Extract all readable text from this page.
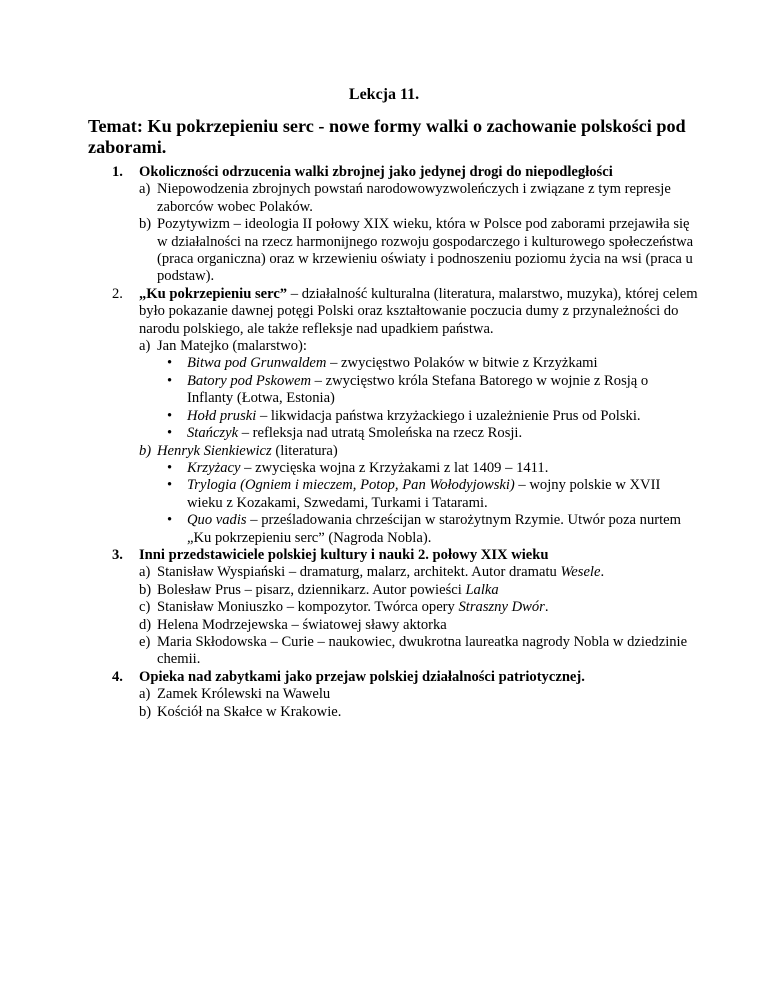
Lekcja 11.
Temat: Ku pokrzepieniu serc - nowe formy walki o zachowanie polskości pod zaborami.
1. Okoliczności odrzucenia walki zbrojnej jako jedynej drogi do niepodległości
a) Niepowodzenia zbrojnych powstań narodowowyzwoleńczych i związane z tym represje zaborców wobec Polaków.
b) Pozytywizm – ideologia II połowy XIX wieku, która w Polsce pod zaborami przejawiła się w działalności na rzecz harmonijnego rozwoju gospodarczego i kulturowego społeczeństwa (praca organiczna) oraz w krzewieniu oświaty i podnoszeniu poziomu życia na wsi (praca u podstaw).
2. „Ku pokrzepieniu serc” – działalność kulturalna (literatura, malarstwo, muzyka), której celem było pokazanie dawnej potęgi Polski oraz kształtowanie poczucia dumy z przynależności do narodu polskiego, ale także refleksje nad upadkiem państwa.
a) Jan Matejko (malarstwo):
• Bitwa pod Grunwaldem – zwycięstwo Polaków w bitwie z Krzyżkami
• Batory pod Pskowem – zwycięstwo króla Stefana Batorego w wojnie z Rosją o Inflanty (Łotwa, Estonia)
• Hołd pruski – likwidacja państwa krzyżackiego i uzależnienie Prus od Polski.
• Stańczyk – refleksja nad utratą Smoleńska na rzecz Rosji.
b) Henryk Sienkiewicz (literatura)
• Krzyżacy – zwycięska wojna z Krzyżakami z lat 1409 – 1411.
• Trylogia (Ogniem i mieczem, Potop, Pan Wołodyjowski) – wojny polskie w XVII wieku z Kozakami, Szwedami, Turkami i Tatarami.
• Quo vadis – prześladowania chrześcijan w starożytnym Rzymie. Utwór poza nurtem „Ku pokrzepieniu serc” (Nagroda Nobla).
3. Inni przedstawiciele polskiej kultury i nauki 2. połowy XIX wieku
a) Stanisław Wyspiański – dramaturg, malarz, architekt. Autor dramatu Wesele.
b) Bolesław Prus – pisarz, dziennikarz. Autor powieści Lalka
c) Stanisław Moniuszko – kompozytor. Twórca opery Straszny Dwór.
d) Helena Modrzejewska – światowej sławy aktorka
e) Maria Skłodowska – Curie – naukowiec, dwukrotna laureatka nagrody Nobla w dziedzinie chemii.
4. Opieka nad zabytkami jako przejaw polskiej działalności patriotycznej.
a) Zamek Królewski na Wawelu
b) Kościół na Skałce w Krakowie.
